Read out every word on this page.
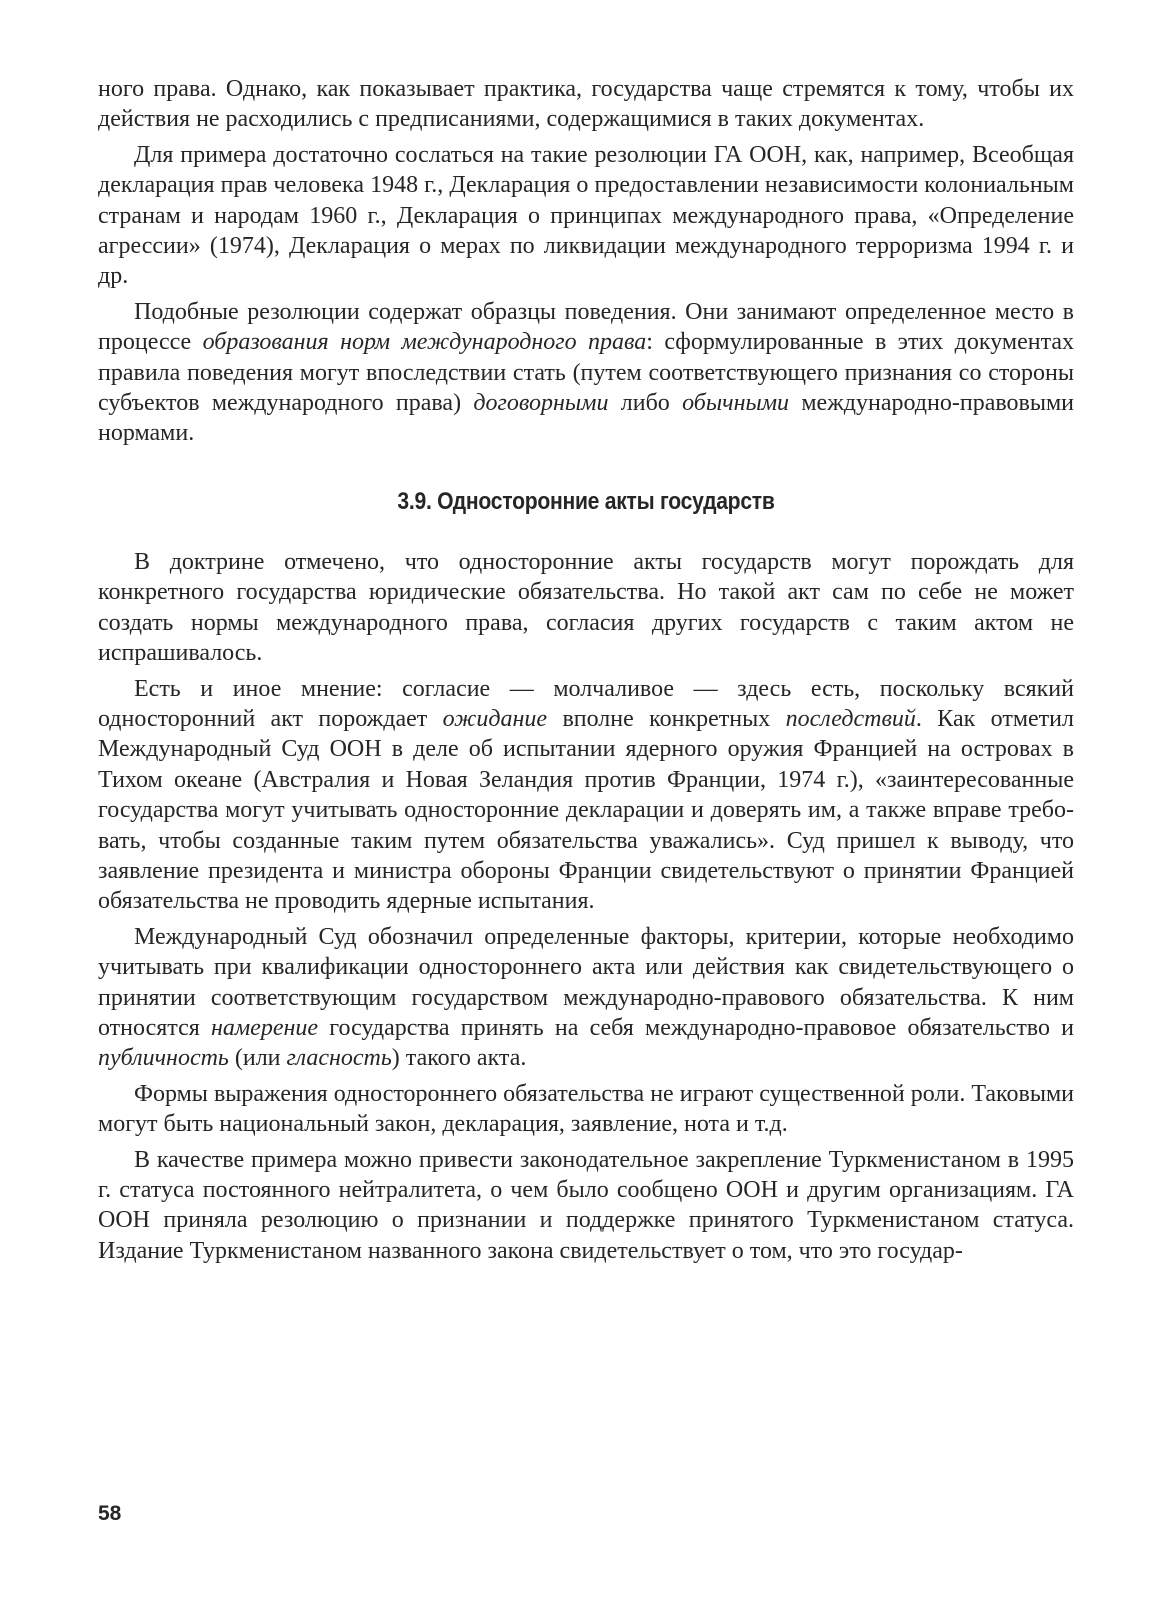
ного права. Однако, как показывает практика, государства чаще стремятся к тому, чтобы их действия не расходились с предписаниями, содержащимися в таких документах.

Для примера достаточно сослаться на такие резолюции ГА ООН, как, например, Всеобщая декларация прав человека 1948 г., Декларация о предоставлении независимости колониальным странам и народам 1960 г., Декларация о принципах международного права, «Определение агрессии» (1974), Декларация о мерах по ликвидации международного терроризма 1994 г. и др.

Подобные резолюции содержат образцы поведения. Они занимают определенное место в процессе образования норм международного права: сформулированные в этих документах правила поведения могут впоследствии стать (путем соответствующего признания со стороны субъектов международного права) договорными либо обычными международно-правовыми нормами.

3.9. Односторонние акты государств

В доктрине отмечено, что односторонние акты государств могут порождать для конкретного государства юридические обязательства. Но такой акт сам по себе не может создать нормы международного права, согласия других государств с таким актом не испрашивалось.

Есть и иное мнение: согласие — молчаливое — здесь есть, поскольку всякий односторонний акт порождает ожидание вполне конкретных последствий. Как отметил Международный Суд ООН в деле об испытании ядерного оружия Францией на островах в Тихом океане (Австралия и Новая Зеландия против Франции, 1974 г.), «заинтересованные государства могут учитывать односторонние декларации и доверять им, а также вправе требовать, чтобы созданные таким путем обязательства уважались». Суд пришел к выводу, что заявление президента и министра обороны Франции свидетельствуют о принятии Францией обязательства не проводить ядерные испытания.

Международный Суд обозначил определенные факторы, критерии, которые необходимо учитывать при квалификации одностороннего акта или действия как свидетельствующего о принятии соответствующим государством международно-правового обязательства. К ним относятся намерение государства принять на себя международно-правовое обязательство и публичность (или гласность) такого акта.

Формы выражения одностороннего обязательства не играют существенной роли. Таковыми могут быть национальный закон, декларация, заявление, нота и т.д.

В качестве примера можно привести законодательное закрепление Туркменистаном в 1995 г. статуса постоянного нейтралитета, о чем было сообщено ООН и другим организациям. ГА ООН приняла резолюцию о признании и поддержке принятого Туркменистаном статуса. Издание Туркменистаном названного закона свидетельствует о том, что это государ-

58
